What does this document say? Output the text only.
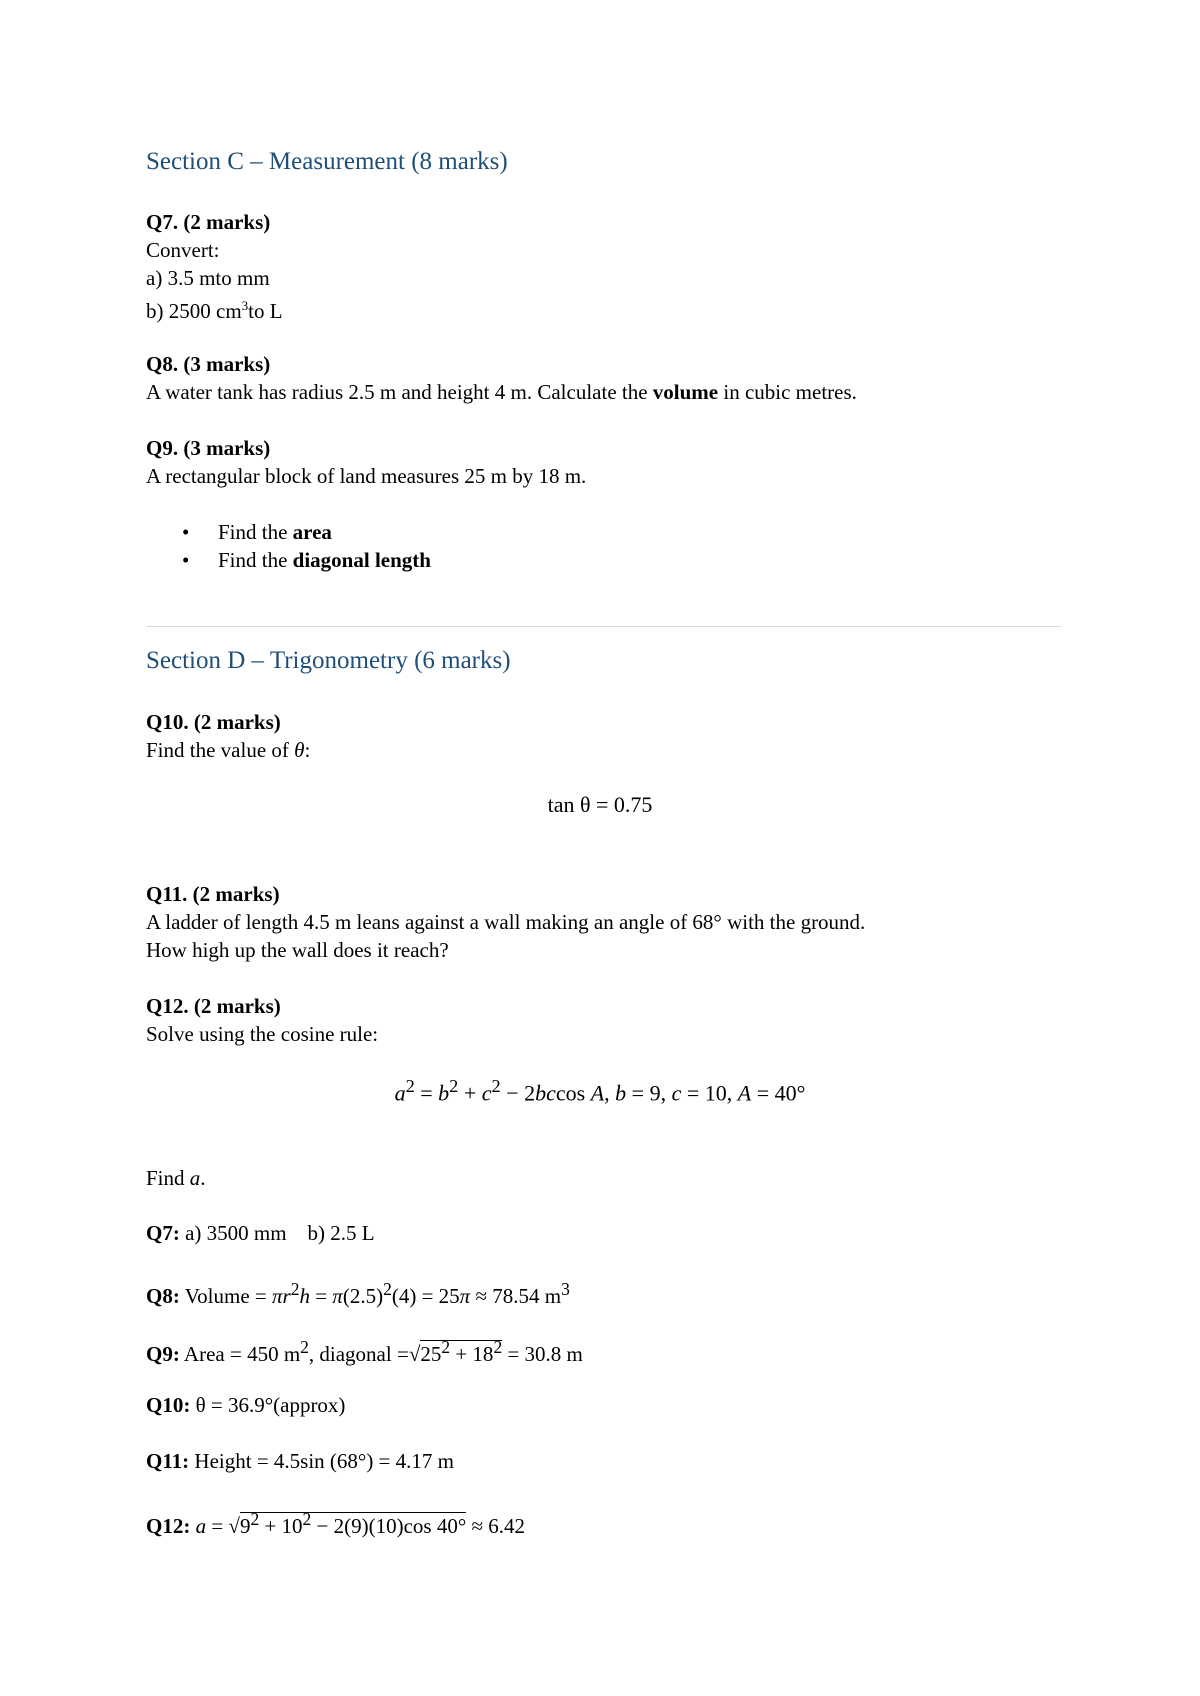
Section C – Measurement (8 marks)
Q7. (2 marks)
Convert:
a) 3.5 mto mm
b) 2500 $cm^3to$ L
Q8. (3 marks)
A water tank has radius 2.5 m and height 4 m. Calculate the volume in cubic metres.
Q9. (3 marks)
A rectangular block of land measures 25 m by 18 m.
• Find the area
• Find the diagonal length
Section D – Trigonometry (6 marks)
Q10. (2 marks)
Find the value of θ:
tan θ = 0.75
Q11. (2 marks)
A ladder of length 4.5 m leans against a wall making an angle of 68° with the ground.
How high up the wall does it reach?
Q12. (2 marks)
Solve using the cosine rule:
$a^2 = b^2 + c^2 - 2bccos$ A, b = 9, c = 10, A = 40°
Find a.
Q7: a) 3500 mm    b) 2.5 L
Q8: Volume = $\pi r^2h = \pi(2.5)^2(4) = 25\pi \approx 78.54$ $m^3$
Q9: Area = 450 $m^2$, diagonal $=√25^2 + 18^2 = 30.8$ m
Q10: θ = 36.9°(approx)
Q11: Height = 4.5sin (68°) = 4.17 m
Q12: $a = √9^2 + 10^2 - 2(9)(10)\cos$ 40° ≈ 6.42
